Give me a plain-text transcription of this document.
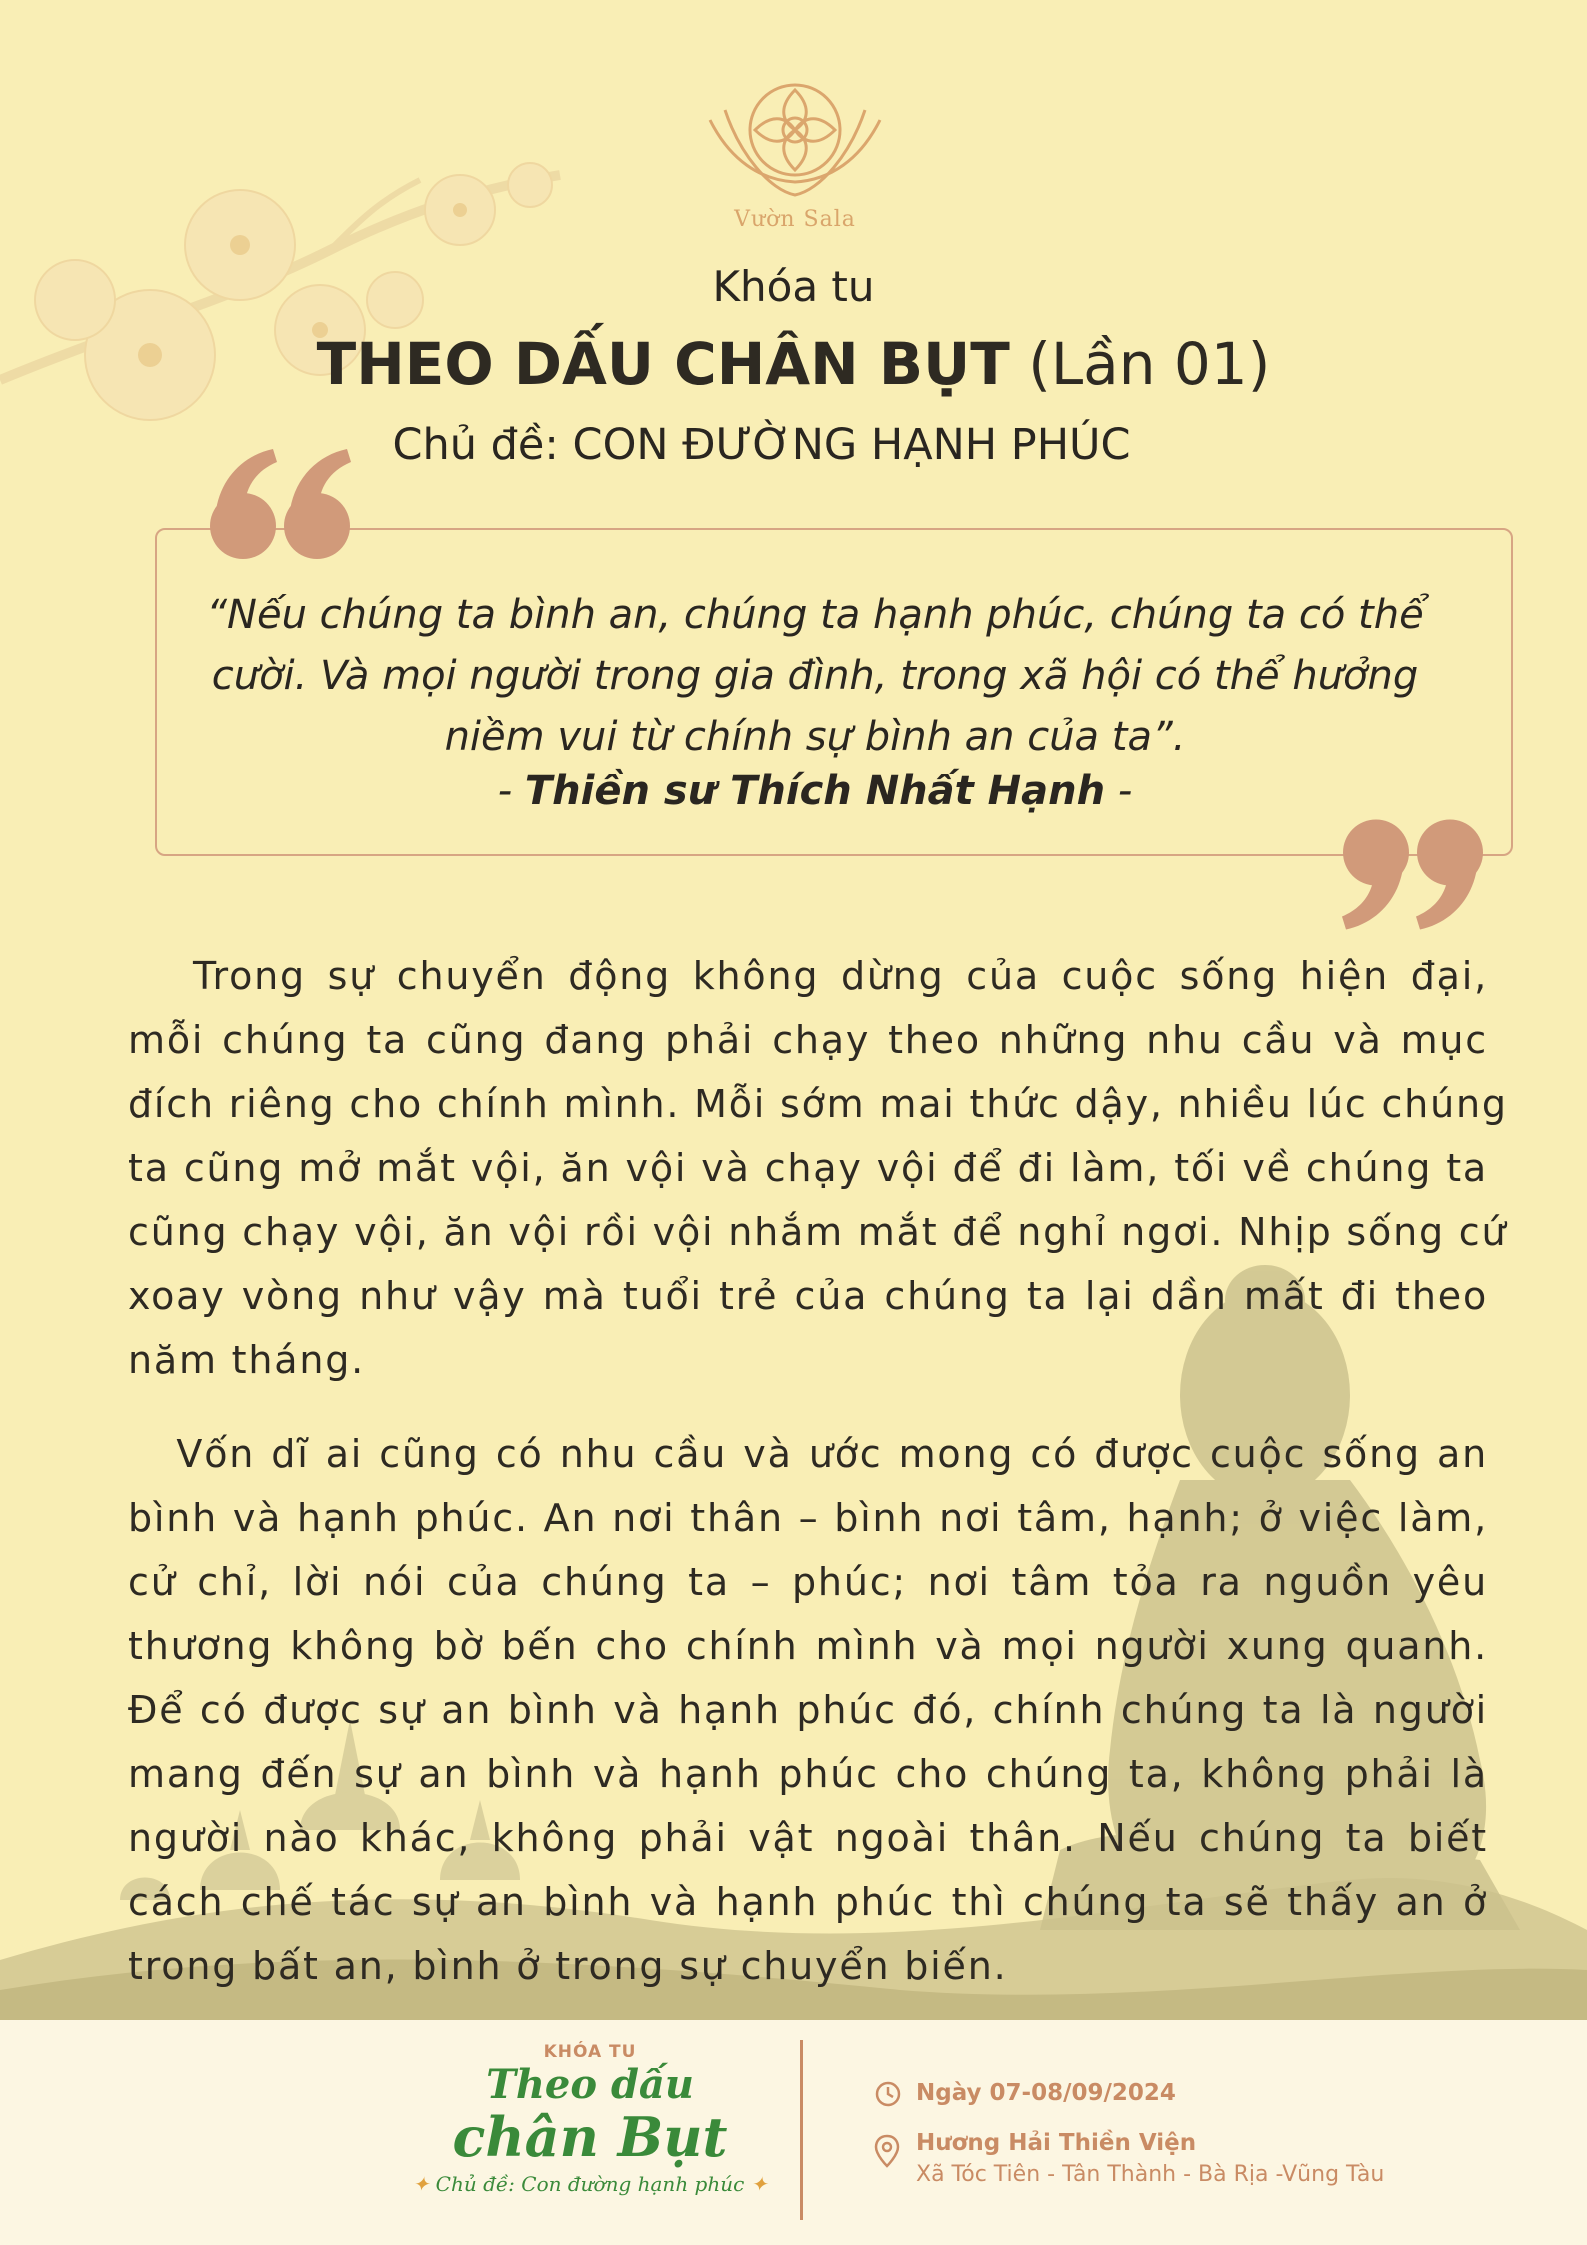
Vườn Sala
Khóa tu
THEO DẤU CHÂN BỤT (Lần 01)
Chủ đề: CON ĐƯỜNG HẠNH PHÚC
“Nếu chúng ta bình an, chúng ta hạnh phúc, chúng ta có thể
cười. Và mọi người trong gia đình, trong xã hội có thể hưởng
niềm vui từ chính sự bình an của ta”.
- Thiền sư Thích Nhất Hạnh -
Trong sự chuyển động không dừng của cuộc sống hiện đại,
mỗi chúng ta cũng đang phải chạy theo những nhu cầu và mục
đích riêng cho chính mình. Mỗi sớm mai thức dậy, nhiều lúc chúng
ta cũng mở mắt vội, ăn vội và chạy vội để đi làm, tối về chúng ta
cũng chạy vội, ăn vội rồi vội nhắm mắt để nghỉ ngơi. Nhịp sống cứ
xoay vòng như vậy mà tuổi trẻ của chúng ta lại dần mất đi theo
năm tháng.
Vốn dĩ ai cũng có nhu cầu và ước mong có được cuộc sống an
bình và hạnh phúc. An nơi thân – bình nơi tâm, hạnh; ở việc làm,
cử chỉ, lời nói của chúng ta – phúc; nơi tâm tỏa ra nguồn yêu
thương không bờ bến cho chính mình và mọi người xung quanh.
Để có được sự an bình và hạnh phúc đó, chính chúng ta là người
mang đến sự an bình và hạnh phúc cho chúng ta, không phải là
người nào khác, không phải vật ngoài thân. Nếu chúng ta biết
cách chế tác sự an bình và hạnh phúc thì chúng ta sẽ thấy an ở
trong bất an, bình ở trong sự chuyển biến.
KHÓA TU
Theo dấu
chân Bụt
✦ Chủ đề: Con đường hạnh phúc ✦
Ngày 07-08/09/2024
Hương Hải Thiền Viện
Xã Tóc Tiên - Tân Thành - Bà Rịa -Vũng Tàu
